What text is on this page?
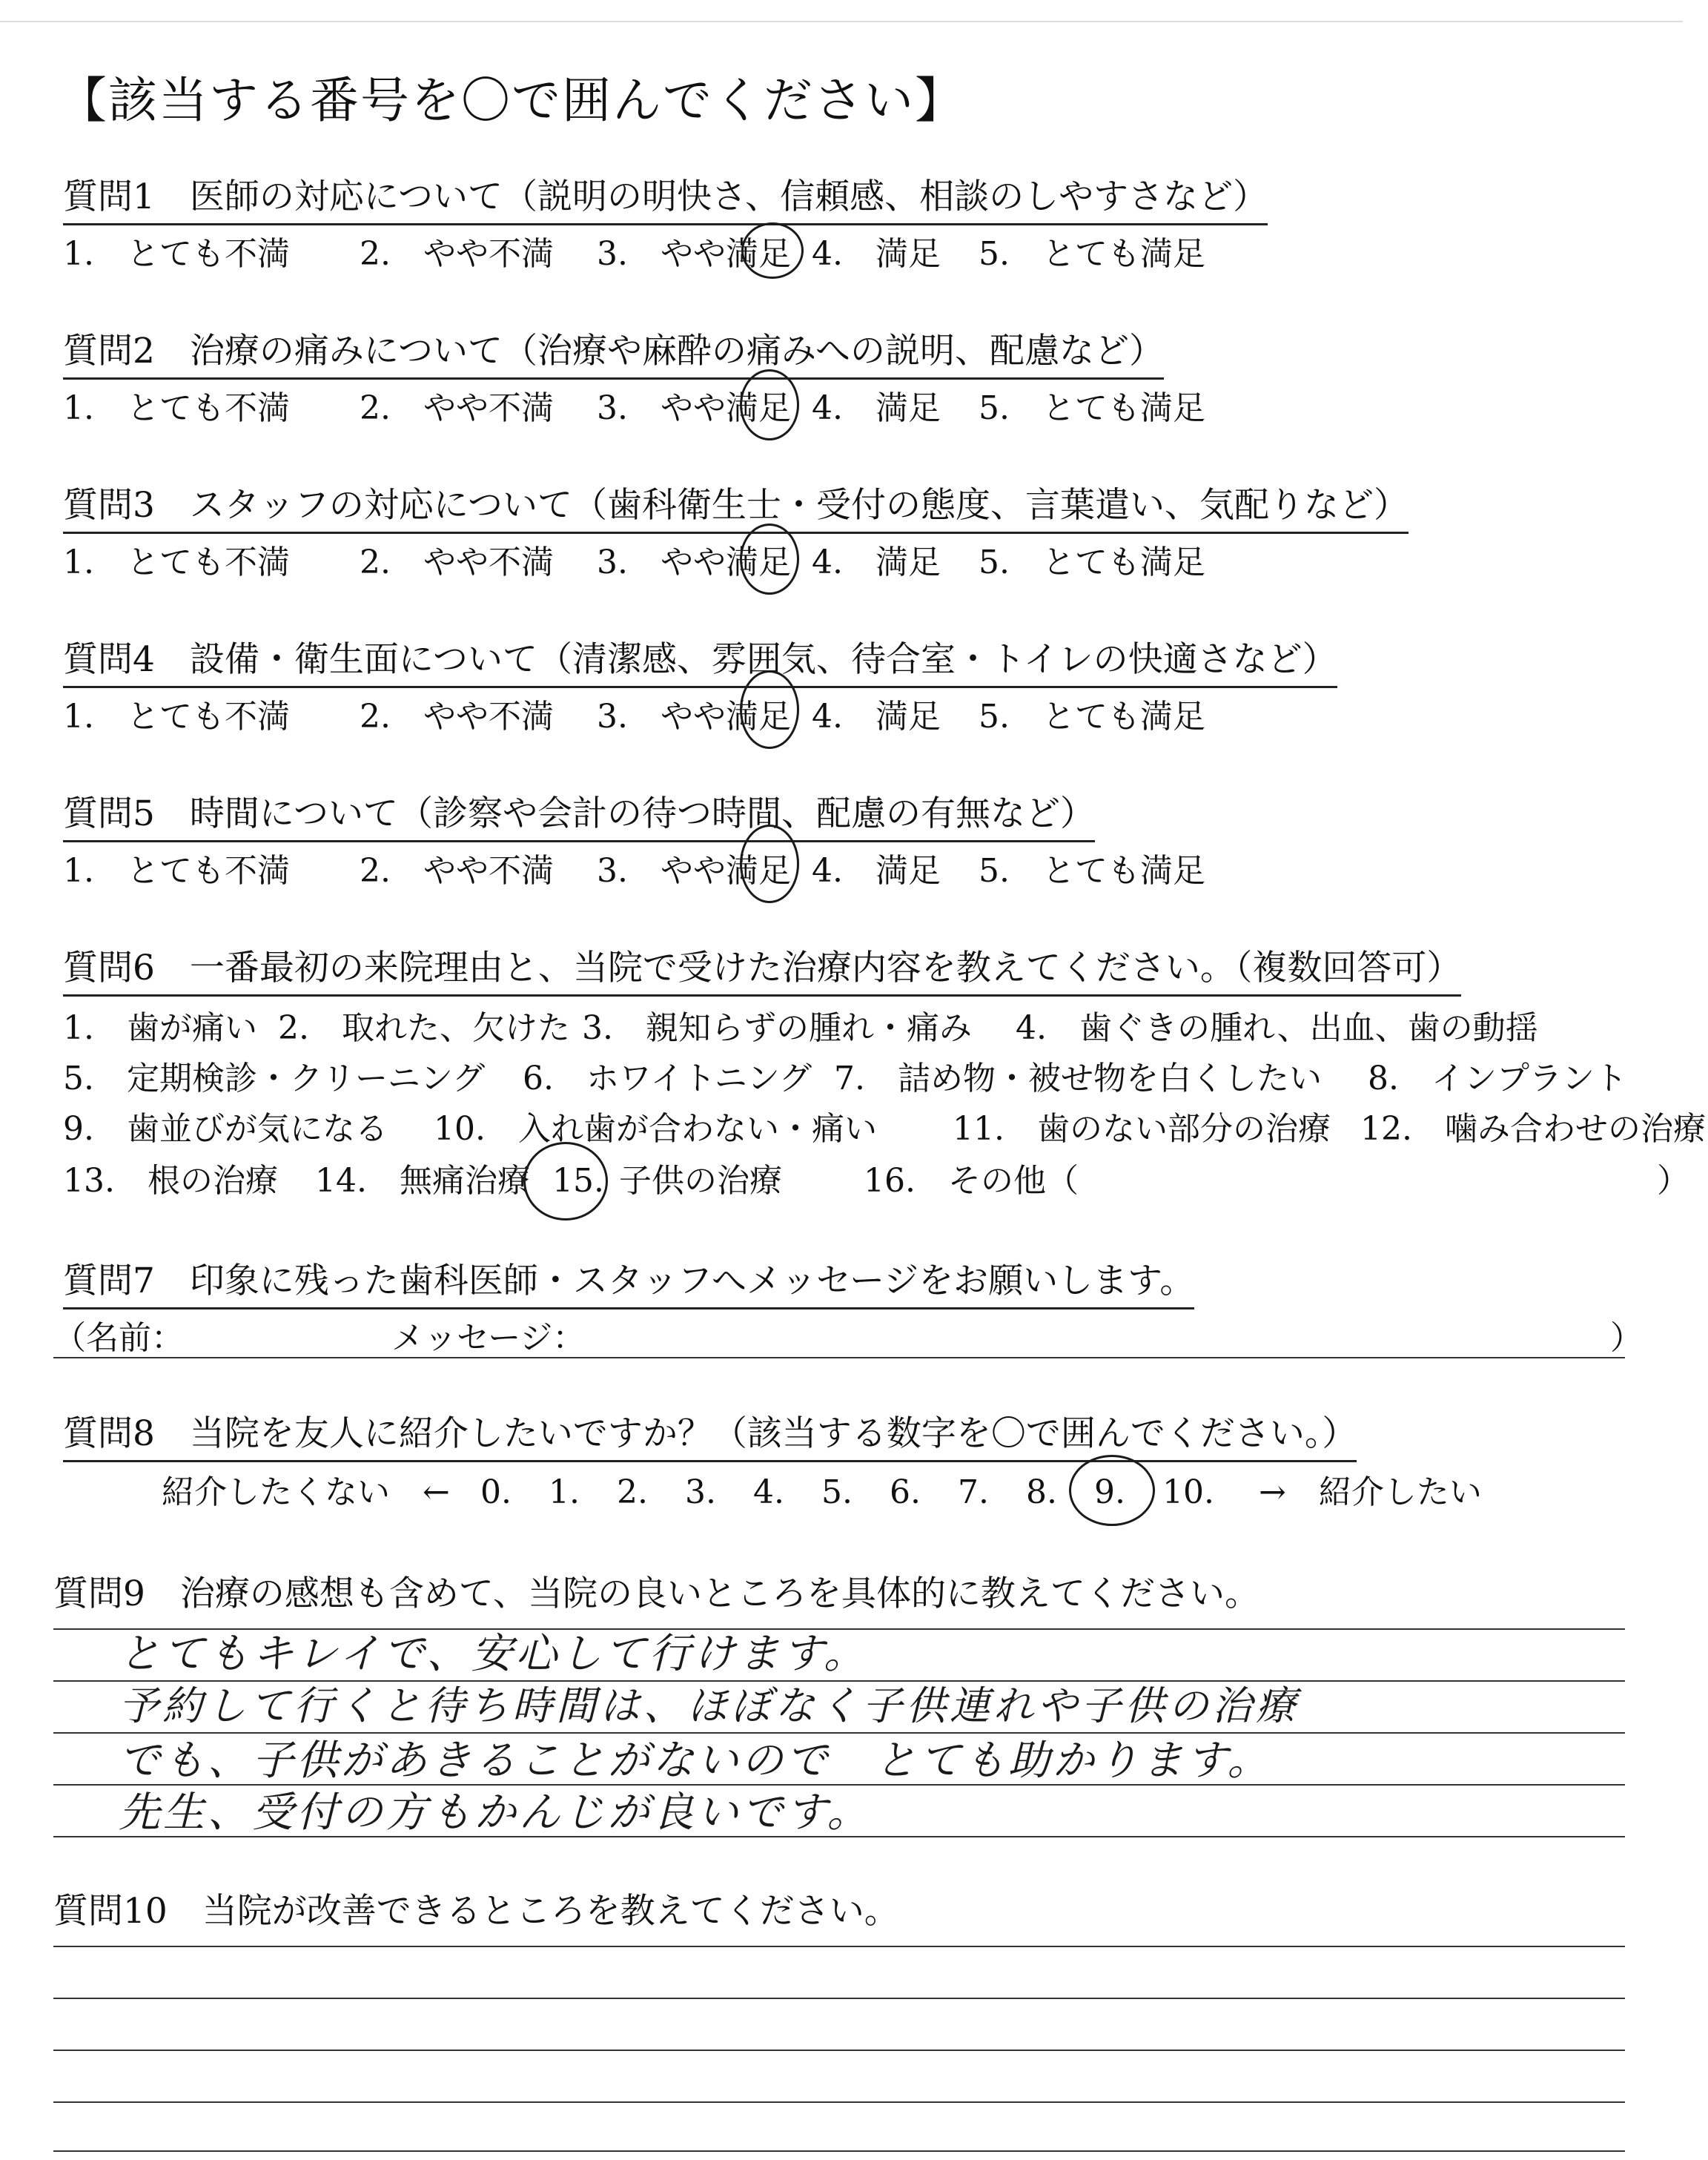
【該当する番号を〇で囲んでください】
質問1　 医師の対応について（説明の明快さ、信頼感、相談のしやすさなど）
1.　とても不満 2.　やや不満 3.　やや満足 4.　満足 5.　とても満足
質問2　 治療の痛みについて（治療や麻酔の痛みへの説明、配慮など）
1.　とても不満 2.　やや不満 3.　やや満足 4.　満足 5.　とても満足
質問3　 スタッフの対応について（歯科衛生士・受付の態度、言葉遣い、気配りなど）
1.　とても不満 2.　やや不満 3.　やや満足 4.　満足 5.　とても満足
質問4　 設備・衛生面について（清潔感、雰囲気、待合室・トイレの快適さなど）
1.　とても不満 2.　やや不満 3.　やや満足 4.　満足 5.　とても満足
質問5　 時間について（診察や会計の待つ時間、配慮の有無など）
1.　とても不満 2.　やや不満 3.　やや満足 4.　満足 5.　とても満足
質問6　 一番最初の来院理由と、当院で受けた治療内容を教えてください。（複数回答可）
1.　歯が痛い 2.　取れた、欠けた 3.　親知らずの腫れ・痛み 4.　歯ぐきの腫れ、出血、歯の動揺
5.　定期検診・クリーニング 6.　ホワイトニング 7.　詰め物・被せ物を白くしたい 8.　インプラント
9.　歯並びが気になる 10.　入れ歯が合わない・痛い 11.　歯のない部分の治療 12.　噛み合わせの治療
13.　根の治療 14.　無痛治療 15. 子供の治療	16.　その他（	）
質問7　 印象に残った歯科医師・スタッフへメッセージをお願いします。
（名前：	メッセージ：	）
質問8　 当院を友人に紹介したいですか？（該当する数字を〇で囲んでください。）
紹介したくない　← 0. 1. 2. 3. 4. 5. 6. 7. 8. 9. 10. →　紹介したい
質問9　 治療の感想も含めて、当院の良いところを具体的に教えてください。
とてもキレイで、安心して行けます。
予約して行くと待ち時間は、ほぼなく子供連れや子供の治療
でも、子供があきることがないので　とても助かります。
先生、受付の方もかんじが良いです。
質問10　 当院が改善できるところを教えてください。
